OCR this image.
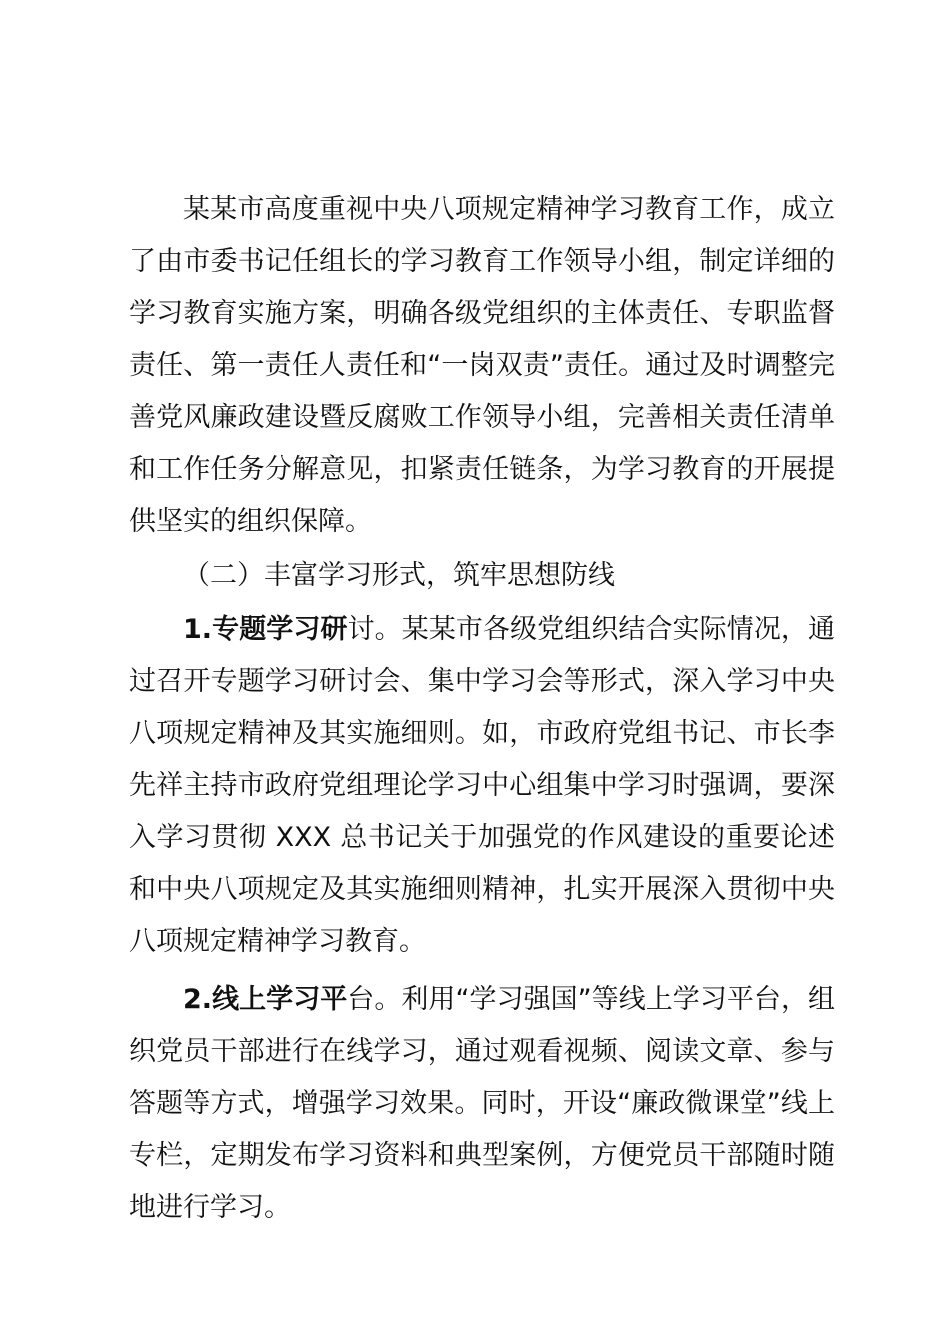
某某市高度重视中央八项规定精神学习教育工作，成立了由市委书记任组长的学习教育工作领导小组，制定详细的学习教育实施方案，明确各级党组织的主体责任、专职监督责任、第一责任人责任和“一岗双责”责任。通过及时调整完善党风廉政建设暨反腐败工作领导小组，完善相关责任清单和工作任务分解意见，扣紧责任链条，为学习教育的开展提供坚实的组织保障。

（二）丰富学习形式，筑牢思想防线

1.专题学习研讨。某某市各级党组织结合实际情况，通过召开专题学习研讨会、集中学习会等形式，深入学习中央八项规定精神及其实施细则。如，市政府党组书记、市长李先祥主持市政府党组理论学习中心组集中学习时强调，要深入学习贯彻 XXX 总书记关于加强党的作风建设的重要论述和中央八项规定及其实施细则精神，扎实开展深入贯彻中央八项规定精神学习教育。

2.线上学习平台。利用“学习强国”等线上学习平台，组织党员干部进行在线学习，通过观看视频、阅读文章、参与答题等方式，增强学习效果。同时，开设“廉政微课堂”线上专栏，定期发布学习资料和典型案例，方便党员干部随时随地进行学习。
